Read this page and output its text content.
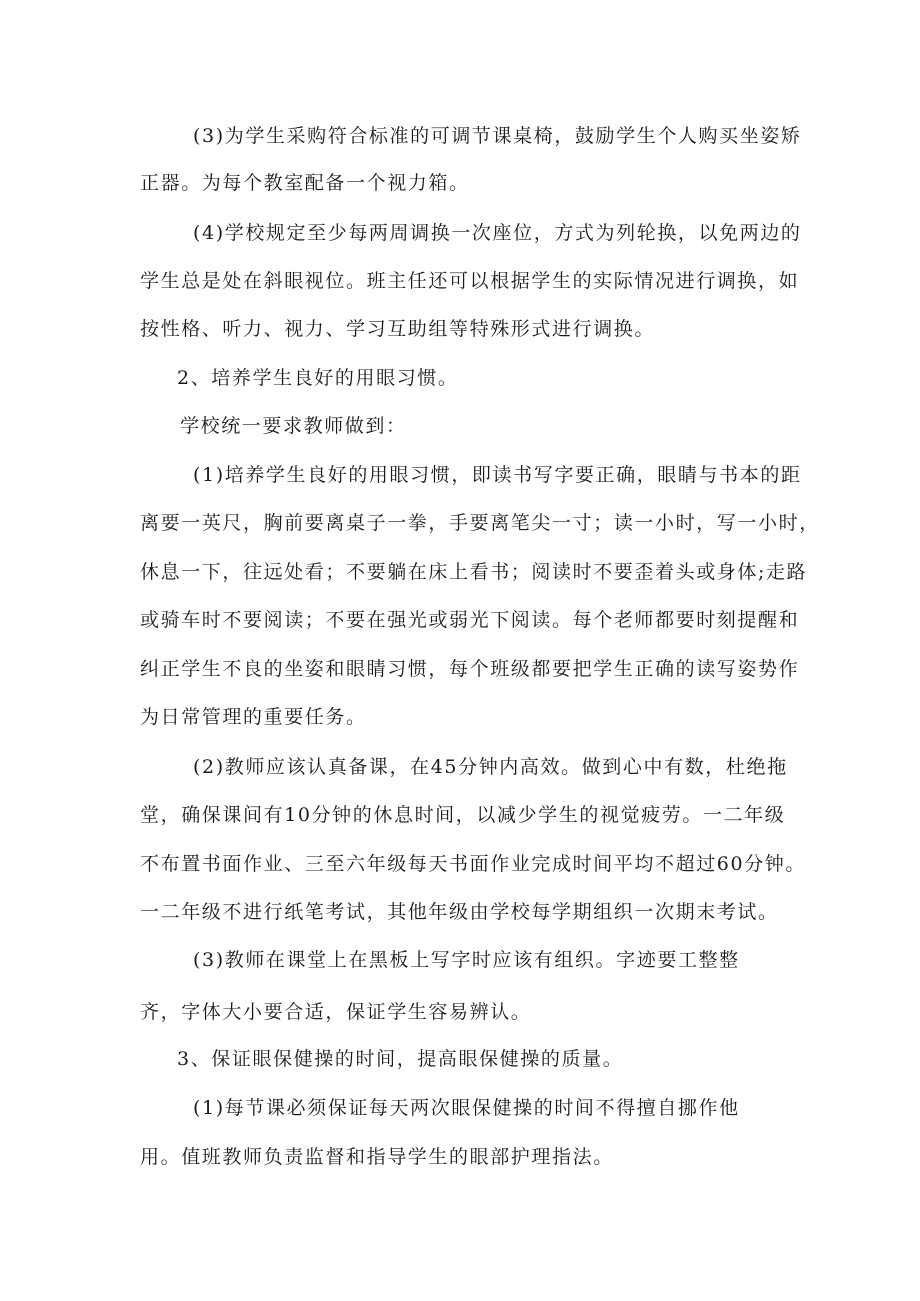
(3)为学生采购符合标准的可调节课桌椅，鼓励学生个人购买坐姿矫
正器。为每个教室配备一个视力箱。
(4)学校规定至少每两周调换一次座位，方式为列轮换，以免两边的
学生总是处在斜眼视位。班主任还可以根据学生的实际情况进行调换，如
按性格、听力、视力、学习互助组等特殊形式进行调换。
2、培养学生良好的用眼习惯。
学校统一要求教师做到：
(1)培养学生良好的用眼习惯，即读书写字要正确，眼睛与书本的距
离要一英尺，胸前要离桌子一拳，手要离笔尖一寸；读一小时，写一小时，
休息一下，往远处看；不要躺在床上看书；阅读时不要歪着头或身体;走路
或骑车时不要阅读；不要在强光或弱光下阅读。每个老师都要时刻提醒和
纠正学生不良的坐姿和眼睛习惯，每个班级都要把学生正确的读写姿势作
为日常管理的重要任务。
(2)教师应该认真备课，在45分钟内高效。做到心中有数，杜绝拖
堂，确保课间有10分钟的休息时间，以减少学生的视觉疲劳。一二年级
不布置书面作业、三至六年级每天书面作业完成时间平均不超过60分钟。
一二年级不进行纸笔考试，其他年级由学校每学期组织一次期末考试。
(3)教师在课堂上在黑板上写字时应该有组织。字迹要工整整
齐，字体大小要合适，保证学生容易辨认。
3、保证眼保健操的时间，提高眼保健操的质量。
(1)每节课必须保证每天两次眼保健操的时间不得擅自挪作他
用。值班教师负责监督和指导学生的眼部护理指法。
